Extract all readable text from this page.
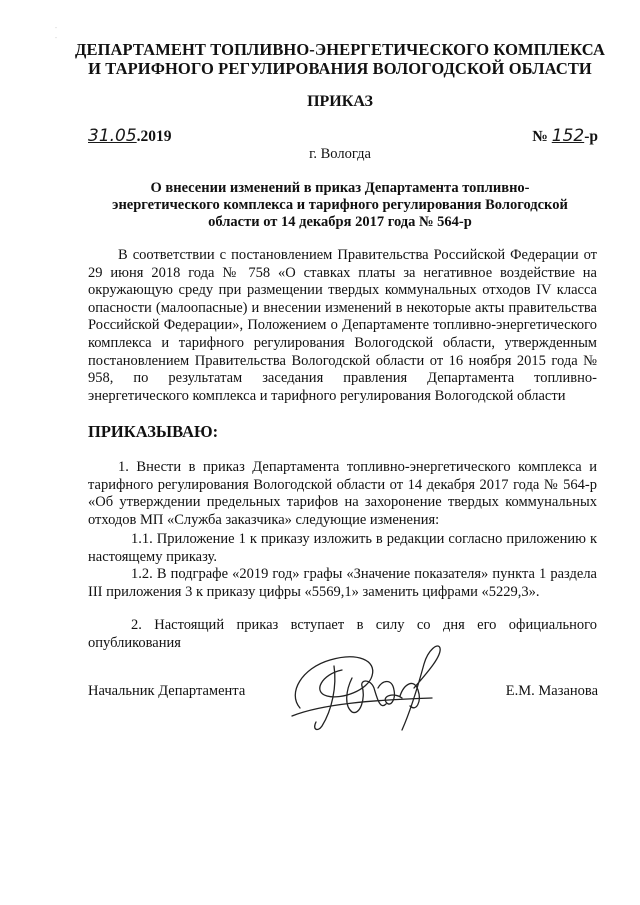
ДЕПАРТАМЕНТ ТОПЛИВНО-ЭНЕРГЕТИЧЕСКОГО КОМПЛЕКСА
И ТАРИФНОГО РЕГУЛИРОВАНИЯ ВОЛОГОДСКОЙ ОБЛАСТИ
ПРИКАЗ
31.05.2019	№ 152-р
г. Вологда
О внесении изменений в приказ Департамента топливно-
энергетического комплекса и тарифного регулирования Вологодской
области от 14 декабря 2017 года № 564-р
В соответствии с постановлением Правительства Российской Федерации от 29 июня 2018 года № 758 «О ставках платы за негативное воздействие на окружающую среду при размещении твердых коммунальных отходов IV класса опасности (малоопасные) и внесении изменений в некоторые акты правительства Российской Федерации», Положением о Департаменте топливно-энергетического комплекса и тарифного регулирования Вологодской области, утвержденным постановлением Правительства Вологодской области от 16 ноября 2015 года № 958, по результатам заседания правления Департамента топливно-энергетического комплекса и тарифного регулирования Вологодской области
ПРИКАЗЫВАЮ:
1. Внести в приказ Департамента топливно-энергетического комплекса и тарифного регулирования Вологодской области от 14 декабря 2017 года № 564-р «Об утверждении предельных тарифов на захоронение твердых коммунальных отходов МП «Служба заказчика» следующие изменения:
1.1. Приложение 1 к приказу изложить в редакции согласно приложению к настоящему приказу.
1.2. В подграфе «2019 год» графы «Значение показателя» пункта 1 раздела III приложения 3 к приказу цифры «5569,1» заменить цифрами «5229,3».
2. Настоящий приказ вступает в силу со дня его официального опубликования
Начальник Департамента	Е.М. Мазанова
